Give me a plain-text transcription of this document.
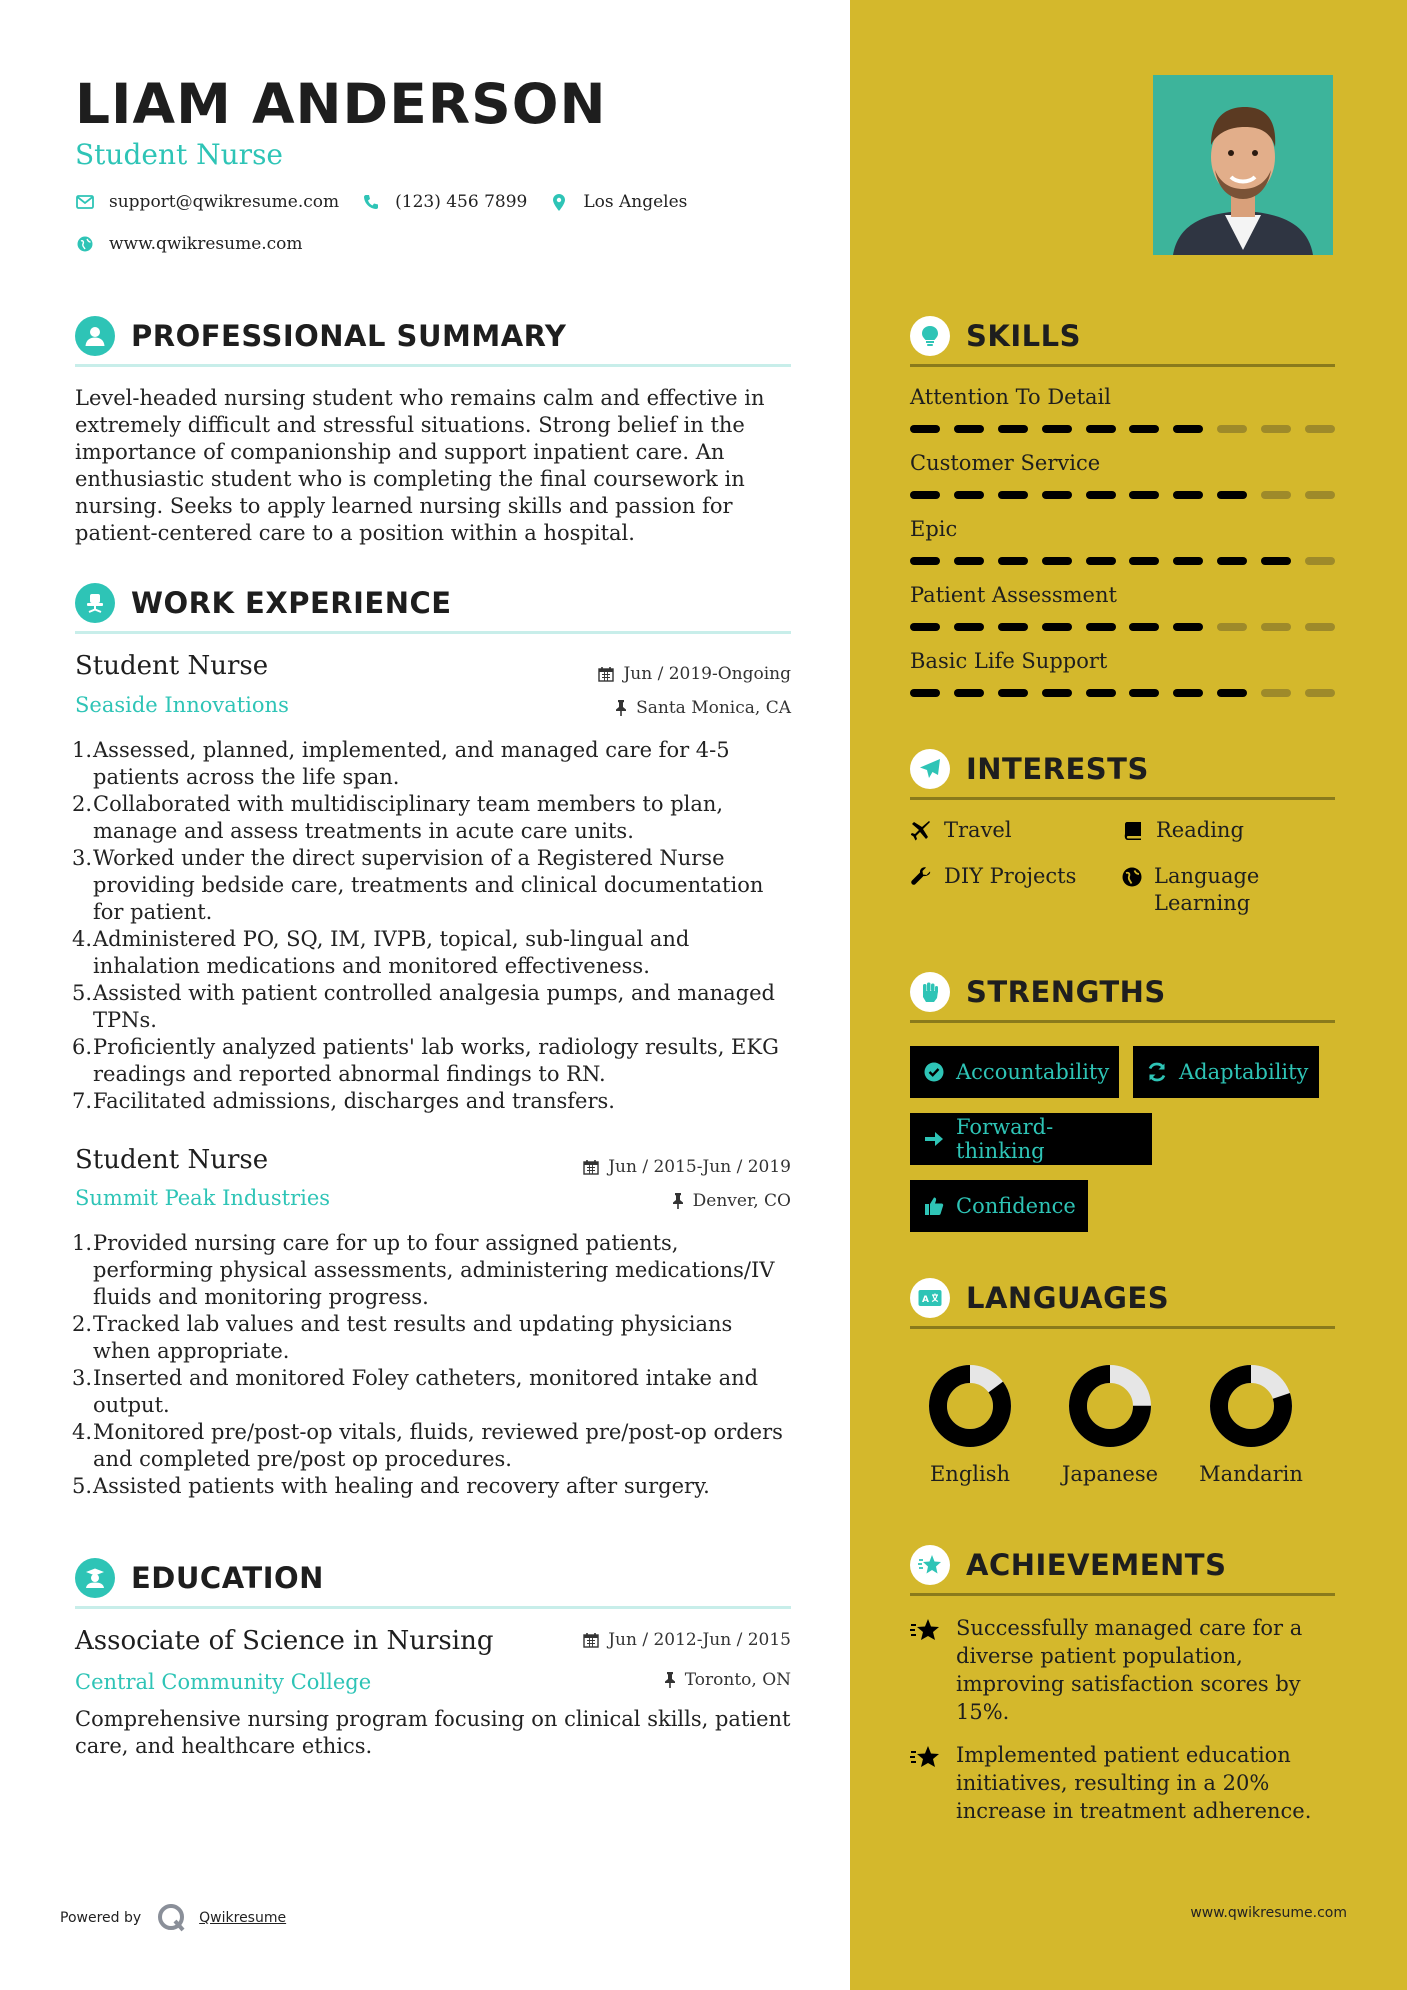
LIAM ANDERSON
Student Nurse
support@qwikresume.com	(123) 456 7899	Los Angeles
www.qwikresume.com
PROFESSIONAL SUMMARY
Level-headed nursing student who remains calm and effective in extremely difficult and stressful situations. Strong belief in the importance of companionship and support inpatient care. An enthusiastic student who is completing the final coursework in nursing. Seeks to apply learned nursing skills and passion for patient-centered care to a position within a hospital.
WORK EXPERIENCE
Student Nurse	Jun / 2019-Ongoing
Seaside Innovations	Santa Monica, CA
1. Assessed, planned, implemented, and managed care for 4-5 patients across the life span.
2. Collaborated with multidisciplinary team members to plan, manage and assess treatments in acute care units.
3. Worked under the direct supervision of a Registered Nurse providing bedside care, treatments and clinical documentation for patient.
4. Administered PO, SQ, IM, IVPB, topical, sub-lingual and inhalation medications and monitored effectiveness.
5. Assisted with patient controlled analgesia pumps, and managed TPNs.
6. Proficiently analyzed patients' lab works, radiology results, EKG readings and reported abnormal findings to RN.
7. Facilitated admissions, discharges and transfers.
Student Nurse	Jun / 2015-Jun / 2019
Summit Peak Industries	Denver, CO
1. Provided nursing care for up to four assigned patients, performing physical assessments, administering medications/IV fluids and monitoring progress.
2. Tracked lab values and test results and updating physicians when appropriate.
3. Inserted and monitored Foley catheters, monitored intake and output.
4. Monitored pre/post-op vitals, fluids, reviewed pre/post-op orders and completed pre/post op procedures.
5. Assisted patients with healing and recovery after surgery.
EDUCATION
Associate of Science in Nursing	Jun / 2012-Jun / 2015
Central Community College	Toronto, ON
Comprehensive nursing program focusing on clinical skills, patient care, and healthcare ethics.
Powered by	Qwikresume
SKILLS
Attention To Detail
Customer Service
Epic
Patient Assessment
Basic Life Support
INTERESTS
Travel	Reading
DIY Projects	Language Learning
STRENGTHS
Accountability	Adaptability
Forward-thinking
Confidence
A LANGUAGES
English	Japanese	Mandarin
ACHIEVEMENTS
Successfully managed care for a diverse patient population, improving satisfaction scores by 15%.
Implemented patient education initiatives, resulting in a 20% increase in treatment adherence.
www.qwikresume.com
